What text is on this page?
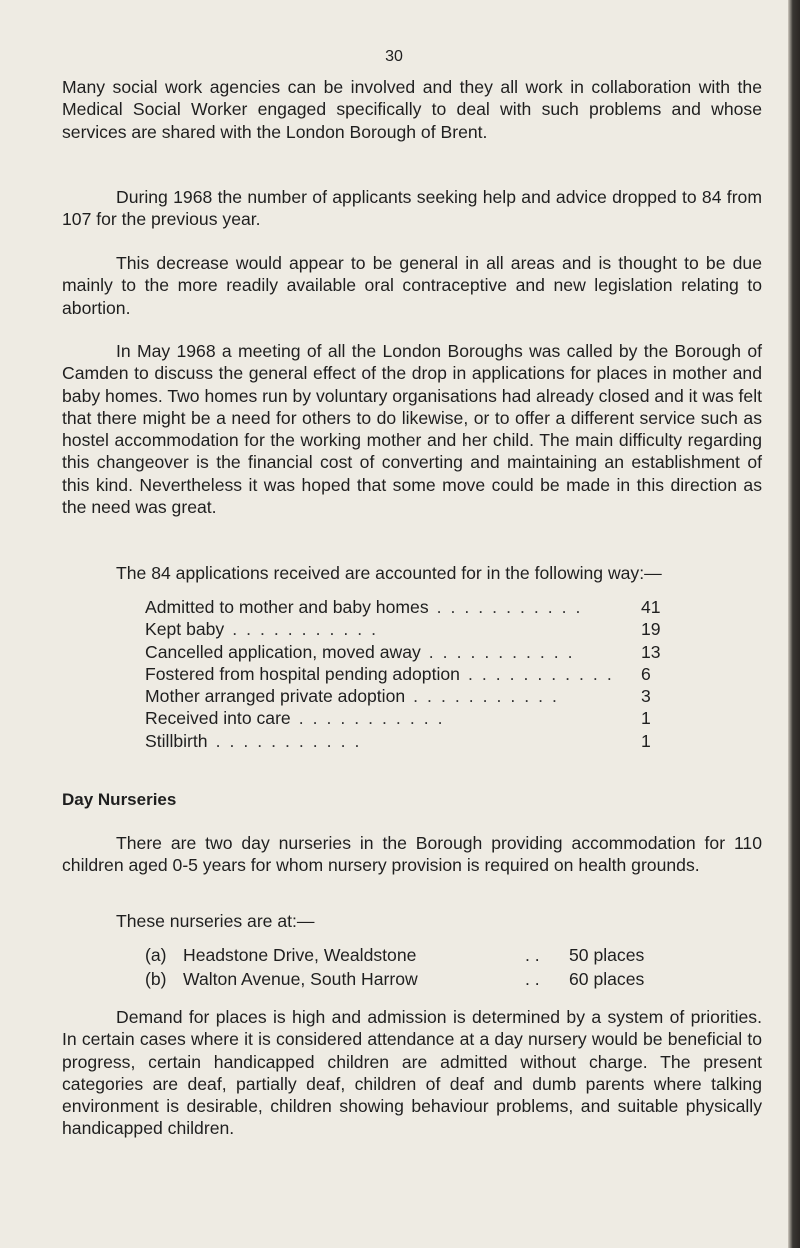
30

Many social work agencies can be involved and they all work in collaboration with the Medical Social Worker engaged specifically to deal with such problems and whose services are shared with the London Borough of Brent.

During 1968 the number of applicants seeking help and advice dropped to 84 from 107 for the previous year.

This decrease would appear to be general in all areas and is thought to be due mainly to the more readily available oral contraceptive and new legislation relating to abortion.

In May 1968 a meeting of all the London Boroughs was called by the Borough of Camden to discuss the general effect of the drop in applications for places in mother and baby homes. Two homes run by voluntary organisations had already closed and it was felt that there might be a need for others to do likewise, or to offer a different service such as hostel accommodation for the working mother and her child. The main difficulty regarding this changeover is the financial cost of converting and maintaining an establishment of this kind. Nevertheless it was hoped that some move could be made in this direction as the need was great.

The 84 applications received are accounted for in the following way:—

Admitted to mother and baby homes ...........	41
Kept baby ...........	19
Cancelled application, moved away ...........	13
Fostered from hospital pending adoption ...........	6
Mother arranged private adoption ...........	3
Received into care ...........	1
Stillbirth ...........	1
Day Nurseries

There are two day nurseries in the Borough providing accommodation for 110 children aged 0-5 years for whom nursery provision is required on health grounds.

These nurseries are at:—

(a) Headstone Drive, Wealdstone	. .	50 places
(b) Walton Avenue, South Harrow	. .	60 places

Demand for places is high and admission is determined by a system of priorities. In certain cases where it is considered attendance at a day nursery would be beneficial to progress, certain handicapped children are admitted without charge. The present categories are deaf, partially deaf, children of deaf and dumb parents where talking environment is desirable, children showing behaviour problems, and suitable physically handicapped children.
